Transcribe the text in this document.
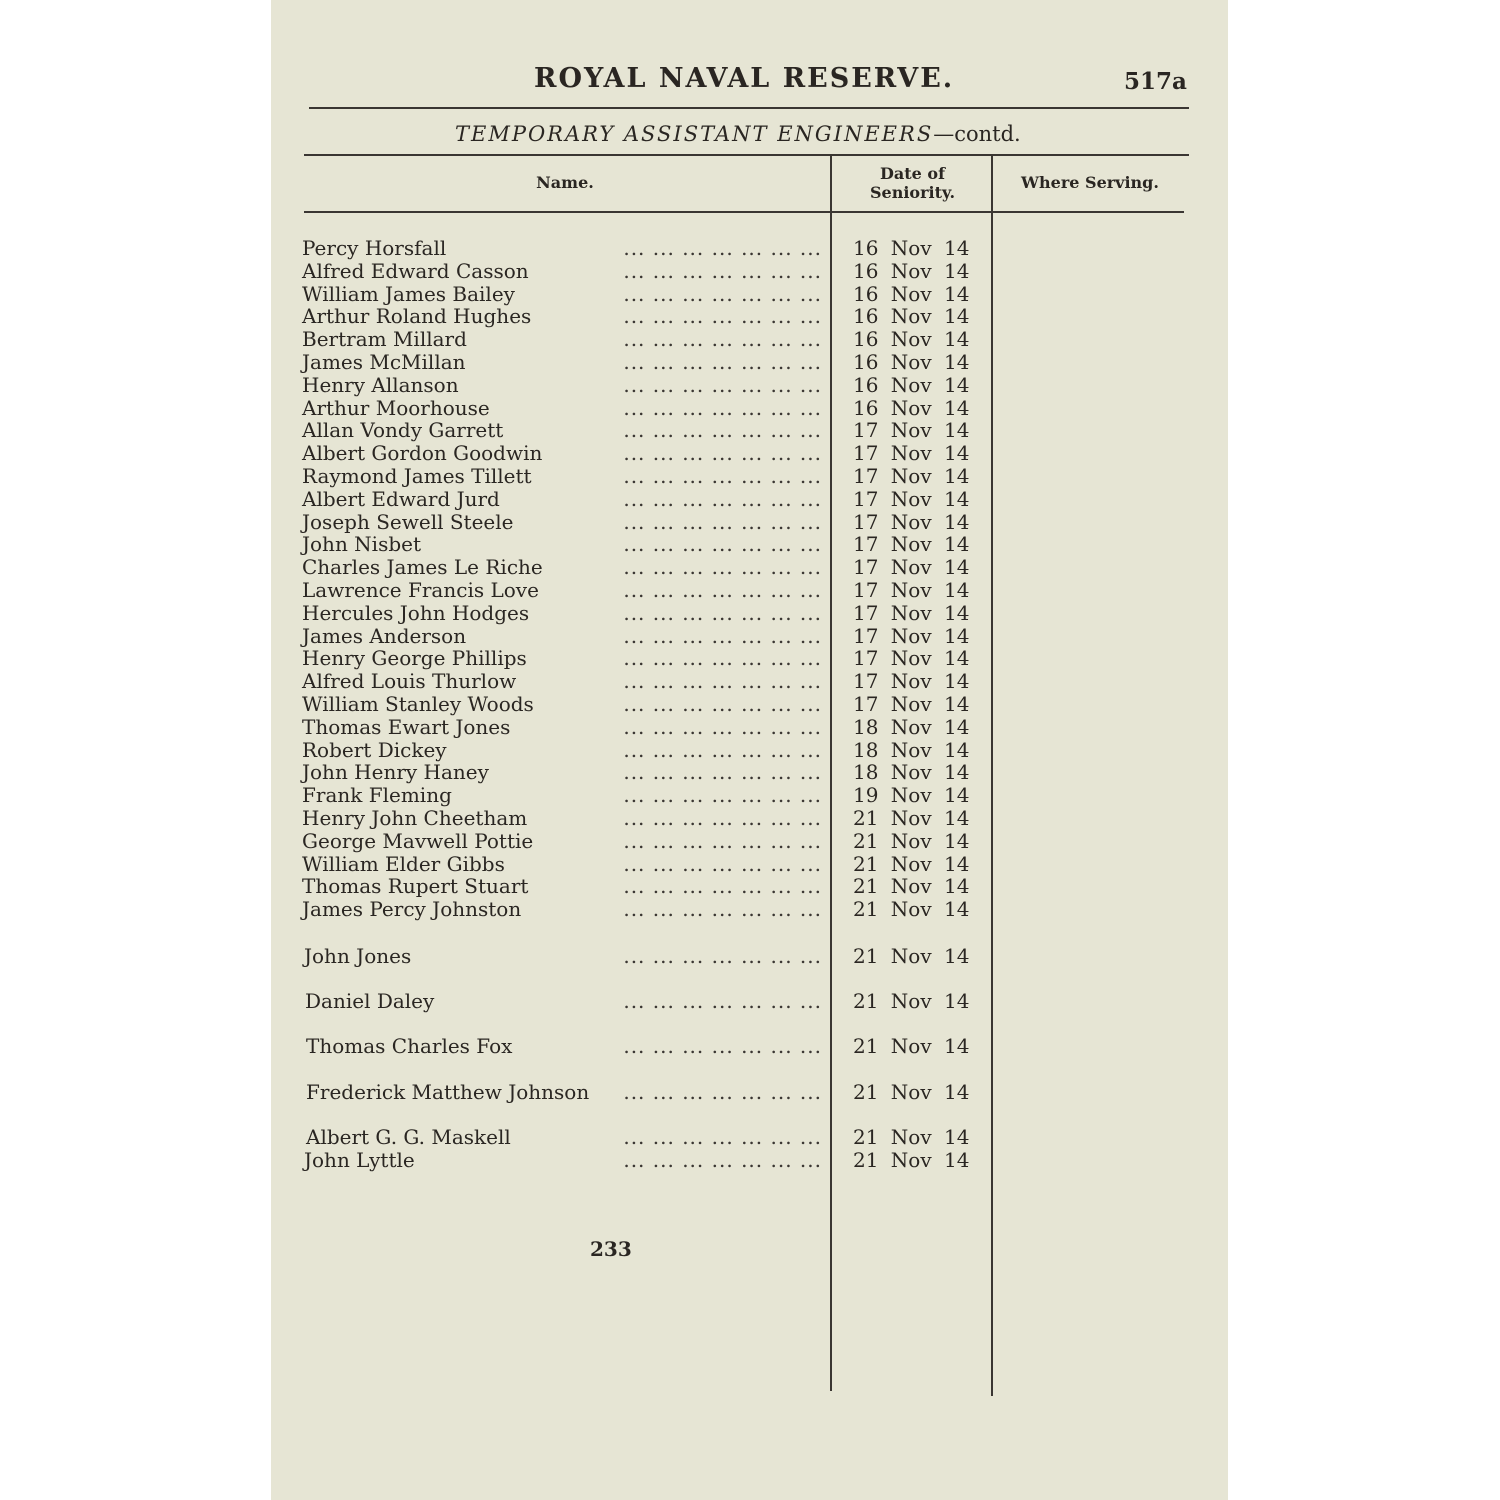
ROYAL NAVAL RESERVE.	517a
TEMPORARY ASSISTANT ENGINEERS—contd.
Name.	Date of
Seniority.
Where Serving.
Percy Horsfall	... ... ... ... ... ... ... 16 Nov 14
Alfred Edward Casson	... ... ... ... ... ... ... 16 Nov 14
William James Bailey	... ... ... ... ... ... ... 16 Nov 14
Arthur Roland Hughes	... ... ... ... ... ... ... 16 Nov 14
Bertram Millard	... ... ... ... ... ... ... 16 Nov 14
James McMillan	... ... ... ... ... ... ... 16 Nov 14
Henry Allanson	... ... ... ... ... ... ... 16 Nov 14
Arthur Moorhouse	... ... ... ... ... ... ... 16 Nov 14
Allan Vondy Garrett	... ... ... ... ... ... ... 17 Nov 14
Albert Gordon Goodwin	... ... ... ... ... ... ... 17 Nov 14
Raymond James Tillett	... ... ... ... ... ... ... 17 Nov 14
Albert Edward Jurd	... ... ... ... ... ... ... 17 Nov 14
Joseph Sewell Steele	... ... ... ... ... ... ... 17 Nov 14
John Nisbet	... ... ... ... ... ... ... 17 Nov 14
Charles James Le Riche	... ... ... ... ... ... ... 17 Nov 14
Lawrence Francis Love	... ... ... ... ... ... ... 17 Nov 14
Hercules John Hodges	... ... ... ... ... ... ... 17 Nov 14
James Anderson	... ... ... ... ... ... ... 17 Nov 14
Henry George Phillips	... ... ... ... ... ... ... 17 Nov 14
Alfred Louis Thurlow	... ... ... ... ... ... ... 17 Nov 14
William Stanley Woods	... ... ... ... ... ... ... 17 Nov 14
Thomas Ewart Jones	... ... ... ... ... ... ... 18 Nov 14
Robert Dickey	... ... ... ... ... ... ... 18 Nov 14
John Henry Haney	... ... ... ... ... ... ... 18 Nov 14
Frank Fleming	... ... ... ... ... ... ... 19 Nov 14
Henry John Cheetham	... ... ... ... ... ... ... 21 Nov 14
George Mavwell Pottie	... ... ... ... ... ... ... 21 Nov 14
William Elder Gibbs	... ... ... ... ... ... ... 21 Nov 14
Thomas Rupert Stuart	... ... ... ... ... ... ... 21 Nov 14
James Percy Johnston	... ... ... ... ... ... ... 21 Nov 14
John Jones	... ... ... ... ... ... ... 21 Nov 14
Daniel Daley	... ... ... ... ... ... ... 21 Nov 14
Thomas Charles Fox	... ... ... ... ... ... ... 21 Nov 14
Frederick Matthew Johnson	... ... ... ... ... ... ... 21 Nov 14
Albert G. G. Maskell	... ... ... ... ... ... ... 21 Nov 14
John Lyttle	... ... ... ... ... ... ... 21 Nov 14
233
